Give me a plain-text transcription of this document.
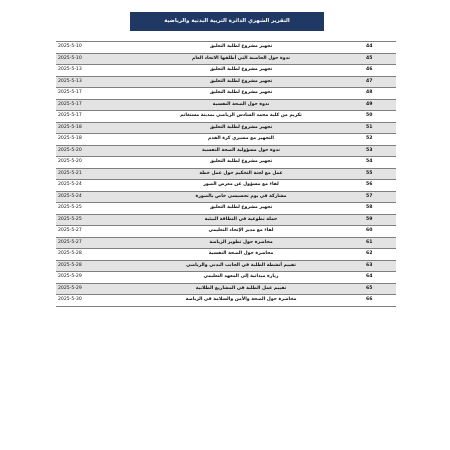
التقرير الشهري الدائرة التربية البدنية والرياضية
2025-5-10	تجهيز مشروع لطلبة التعليق	44
2025-5-10	ندوة حول الحاضنة التي أطلقها الاتحاد العام	45
2025-5-13	تجهيز مشروع لطلبة التعليق	46
2025-5-13	تجهيز مشروع لطلبة التعليق	47
2025-5-17	تجهيز مشروع لطلبة التعليق	48
2025-5-17	ندوة حول الصحة النفسية	49
2025-5-17	تكريم من كلية محمد السادس الرياضي بمدينة مستغانم	50
2025-5-18	تجهيز مشروع لطلبة التعليق	51
2025-5-18	التجهيز مع مسيري كرة القدم	52
2025-5-20	ندوة حول مسؤولية الصحة النفسية	53
2025-5-20	تجهيز مشروع لطلبة التعليق	54
2025-5-21	عمل مع لجنة التحكيم حول عمل خطة	55
2025-5-24	لقاء مع مسؤول عن معرض الصور	56
2025-5-24	مشاركة في يوم تحسيسي خاص بالصورة	57
2025-5-25	تجهيز مشروع لطلبة التعليق	58
2025-5-25	حملة تطوعية في النظافة البيئية	59
2025-5-27	لقاء مع مدير الإتحاد التعليمي	60
2025-5-27	محاضرة حول تطوير الرياضة	61
2025-5-28	محاضرة حول الصحة النفسية	62
2025-5-28	تقييم أنشطة الطلبة في الجانب البدني والرياضي	63
2025-5-29	زيارة ميدانية إلى المعهد التعليمي	64
2025-5-29	تقييم عمل الطلبة في المشاريع الطلابية	65
2025-5-30	محاضرة حول الصحة والأمن والسلامة في الرياضة	66
